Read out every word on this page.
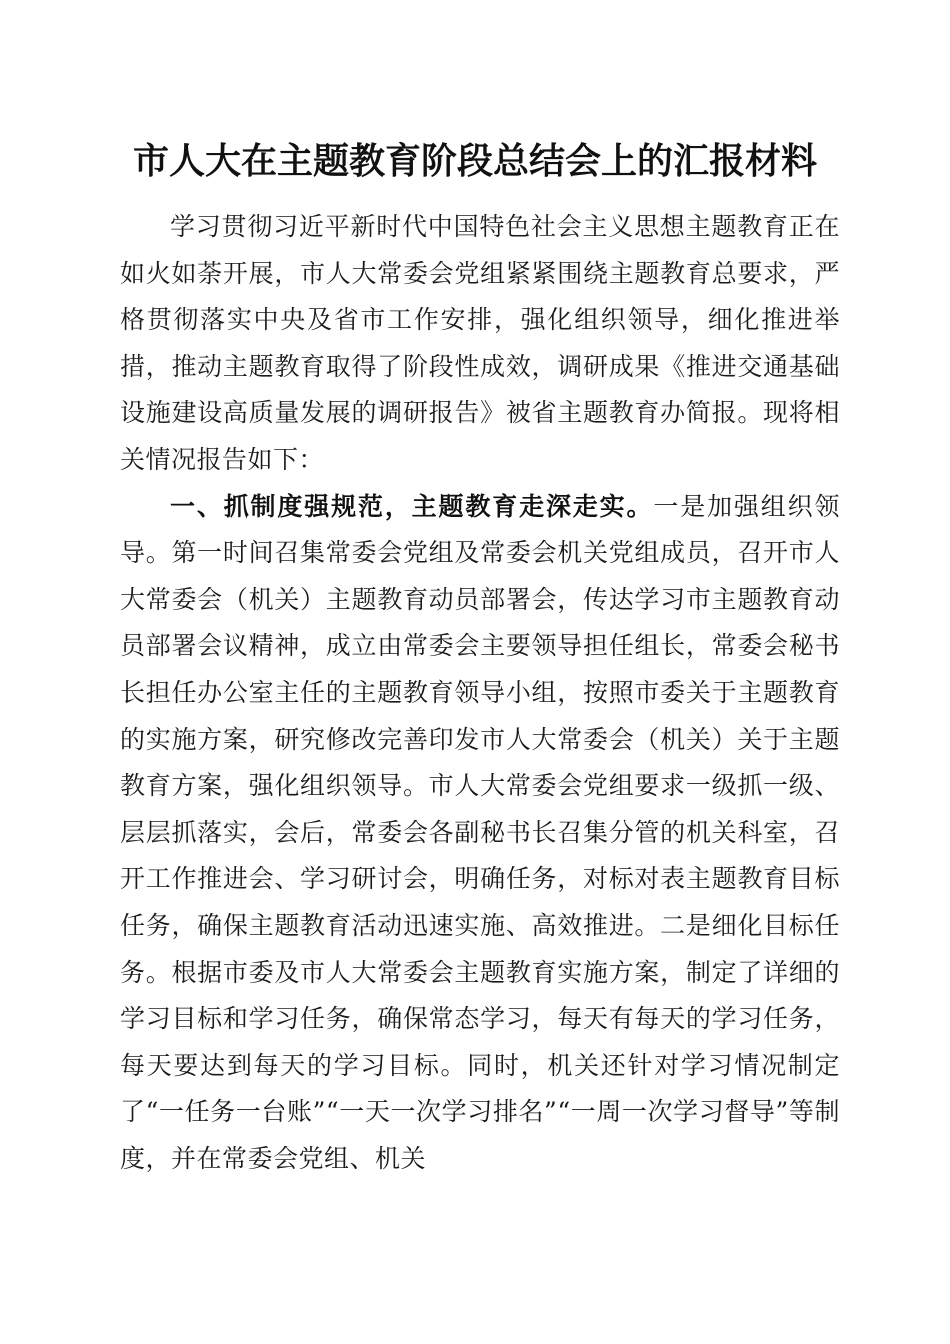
市人大在主题教育阶段总结会上的汇报材料

学习贯彻习近平新时代中国特色社会主义思想主题教育正在如火如荼开展，市人大常委会党组紧紧围绕主题教育总要求，严格贯彻落实中央及省市工作安排，强化组织领导，细化推进举措，推动主题教育取得了阶段性成效，调研成果《推进交通基础设施建设高质量发展的调研报告》被省主题教育办简报。现将相关情况报告如下：

一、抓制度强规范，主题教育走深走实。一是加强组织领导。第一时间召集常委会党组及常委会机关党组成员，召开市人大常委会（机关）主题教育动员部署会，传达学习市主题教育动员部署会议精神，成立由常委会主要领导担任组长，常委会秘书长担任办公室主任的主题教育领导小组，按照市委关于主题教育的实施方案，研究修改完善印发市人大常委会（机关）关于主题教育方案，强化组织领导。市人大常委会党组要求一级抓一级、层层抓落实，会后，常委会各副秘书长召集分管的机关科室，召开工作推进会、学习研讨会，明确任务，对标对表主题教育目标任务，确保主题教育活动迅速实施、高效推进。二是细化目标任务。根据市委及市人大常委会主题教育实施方案，制定了详细的学习目标和学习任务，确保常态学习，每天有每天的学习任务，每天要达到每天的学习目标。同时，机关还针对学习情况制定了“一任务一台账”“一天一次学习排名”“一周一次学习督导”等制度，并在常委会党组、机关
